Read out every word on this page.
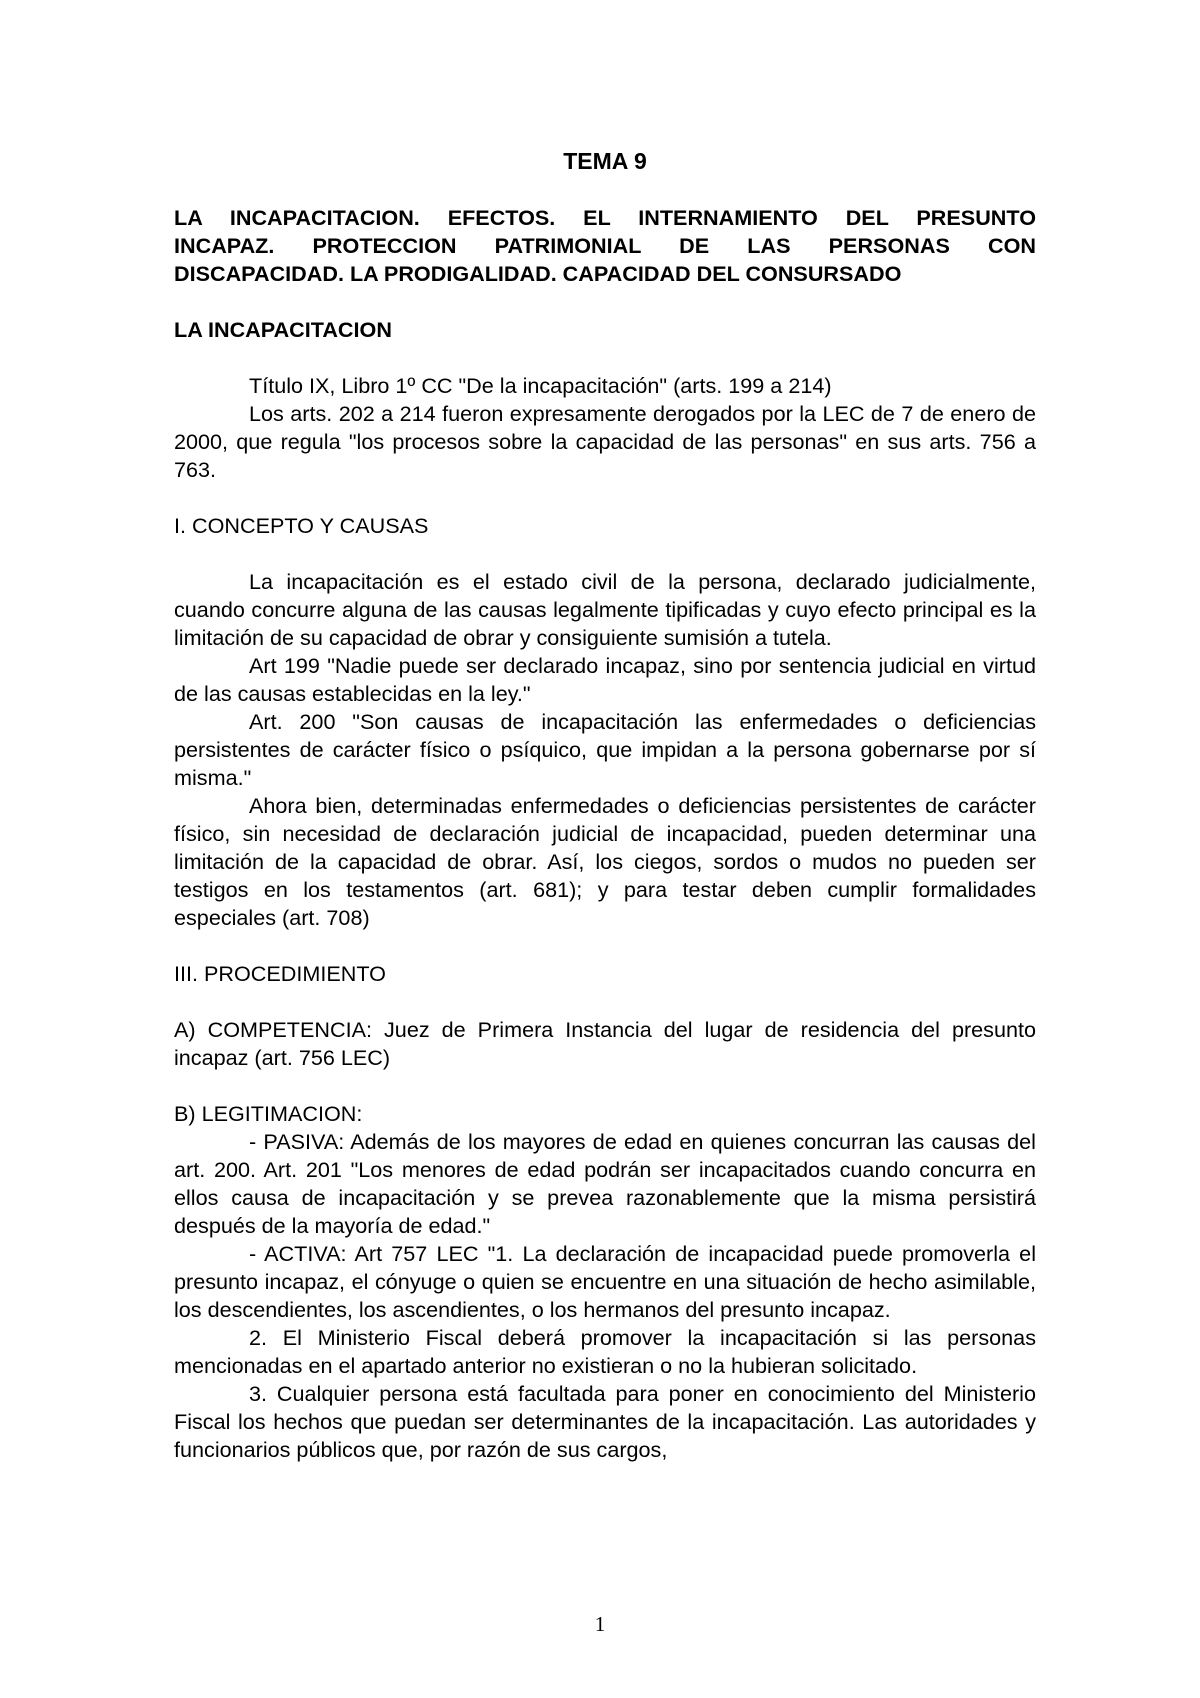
TEMA 9
LA INCAPACITACION. EFECTOS. EL INTERNAMIENTO DEL PRESUNTO
INCAPAZ. PROTECCION PATRIMONIAL DE LAS PERSONAS CON
DISCAPACIDAD. LA PRODIGALIDAD. CAPACIDAD DEL CONSURSADO
LA INCAPACITACION

Título IX, Libro 1º CC "De la incapacitación" (arts. 199 a 214)

Los arts. 202 a 214 fueron expresamente derogados por la LEC de 7 de enero de 2000, que regula "los procesos sobre la capacidad de las personas" en sus arts. 756 a 763.

I. CONCEPTO Y CAUSAS

La incapacitación es el estado civil de la persona, declarado judicialmente, cuando concurre alguna de las causas legalmente tipificadas y cuyo efecto principal es la limitación de su capacidad de obrar y consiguiente sumisión a tutela.

Art 199 "Nadie puede ser declarado incapaz, sino por sentencia judicial en virtud de las causas establecidas en la ley."

Art. 200 "Son causas de incapacitación las enfermedades o deficiencias persistentes de carácter físico o psíquico, que impidan a la persona gobernarse por sí misma."

Ahora bien, determinadas enfermedades o deficiencias persistentes de carácter físico, sin necesidad de declaración judicial de incapacidad, pueden determinar una limitación de la capacidad de obrar. Así, los ciegos, sordos o mudos no pueden ser testigos en los testamentos (art. 681); y para testar deben cumplir formalidades especiales (art. 708)

III. PROCEDIMIENTO

A) COMPETENCIA: Juez de Primera Instancia del lugar de residencia del presunto incapaz (art. 756 LEC)

B) LEGITIMACION:

- PASIVA: Además de los mayores de edad en quienes concurran las causas del art. 200. Art. 201 "Los menores de edad podrán ser incapacitados cuando concurra en ellos causa de incapacitación y se prevea razonablemente que la misma persistirá después de la mayoría de edad."

- ACTIVA: Art 757 LEC "1. La declaración de incapacidad puede promoverla el presunto incapaz, el cónyuge o quien se encuentre en una situación de hecho asimilable, los descendientes, los ascendientes, o los hermanos del presunto incapaz.

2. El Ministerio Fiscal deberá promover la incapacitación si las personas mencionadas en el apartado anterior no existieran o no la hubieran solicitado.

3. Cualquier persona está facultada para poner en conocimiento del Ministerio Fiscal los hechos que puedan ser determinantes de la incapacitación. Las autoridades y funcionarios públicos que, por razón de sus cargos,

1
